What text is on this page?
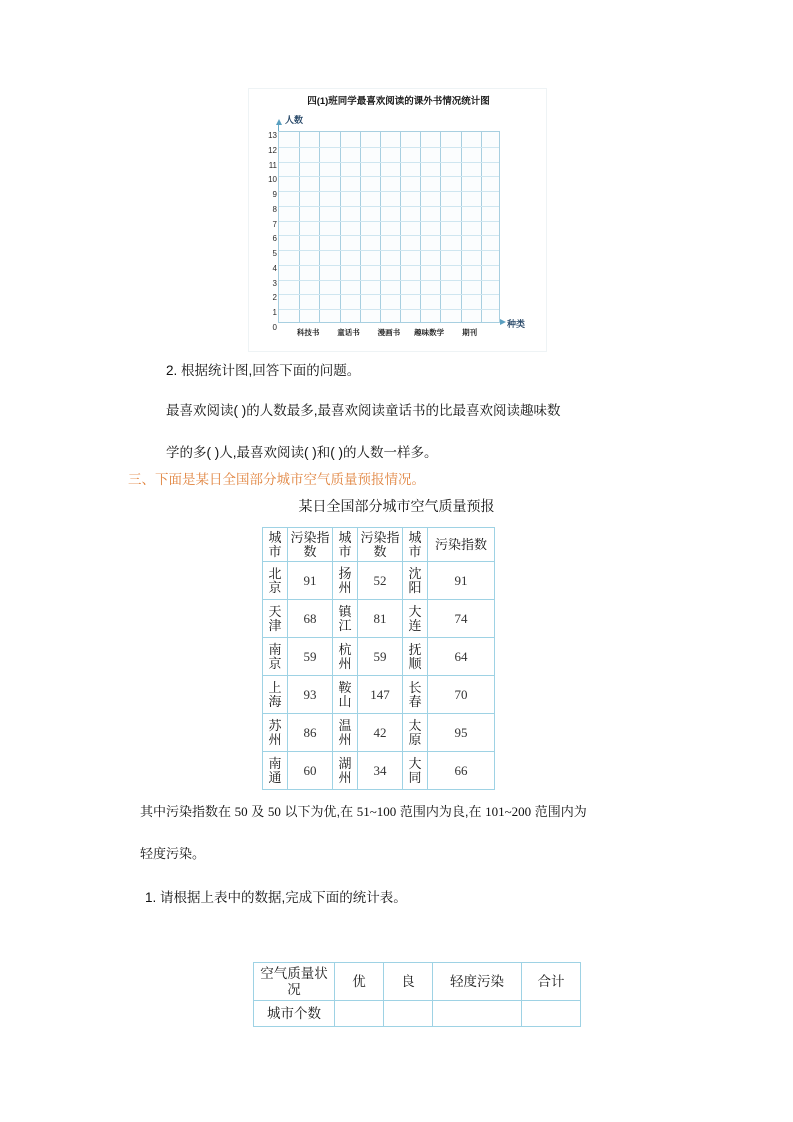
四(1)班同学最喜欢阅读的课外书情况统计图
人数
种类
13
12
11
10
9
8
7
6
5
4
3
2
1
0
科技书 童话书 漫画书 趣味数学 期刊
2. 根据统计图,回答下面的问题。
最喜欢阅读( )的人数最多,最喜欢阅读童话书的比最喜欢阅读趣味数
学的多( )人,最喜欢阅读( )和( )的人数一样多。
三、下面是某日全国部分城市空气质量预报情况。
某日全国部分城市空气质量预报
城市	污染指数	城市	污染指数	城市	污染指数
北京	91	扬州	52	沈阳	91
天津	68	镇江	81	大连	74
南京	59	杭州	59	抚顺	64
上海	93	鞍山	147	长春	70
苏州	86	温州	42	太原	95
南通	60	湖州	34	大同	66
其中污染指数在 50 及 50 以下为优,在 51~100 范围内为良,在 101~200 范围内为
轻度污染。
1. 请根据上表中的数据,完成下面的统计表。
空气质量状况	优	良	轻度污染	合计
城市个数				
